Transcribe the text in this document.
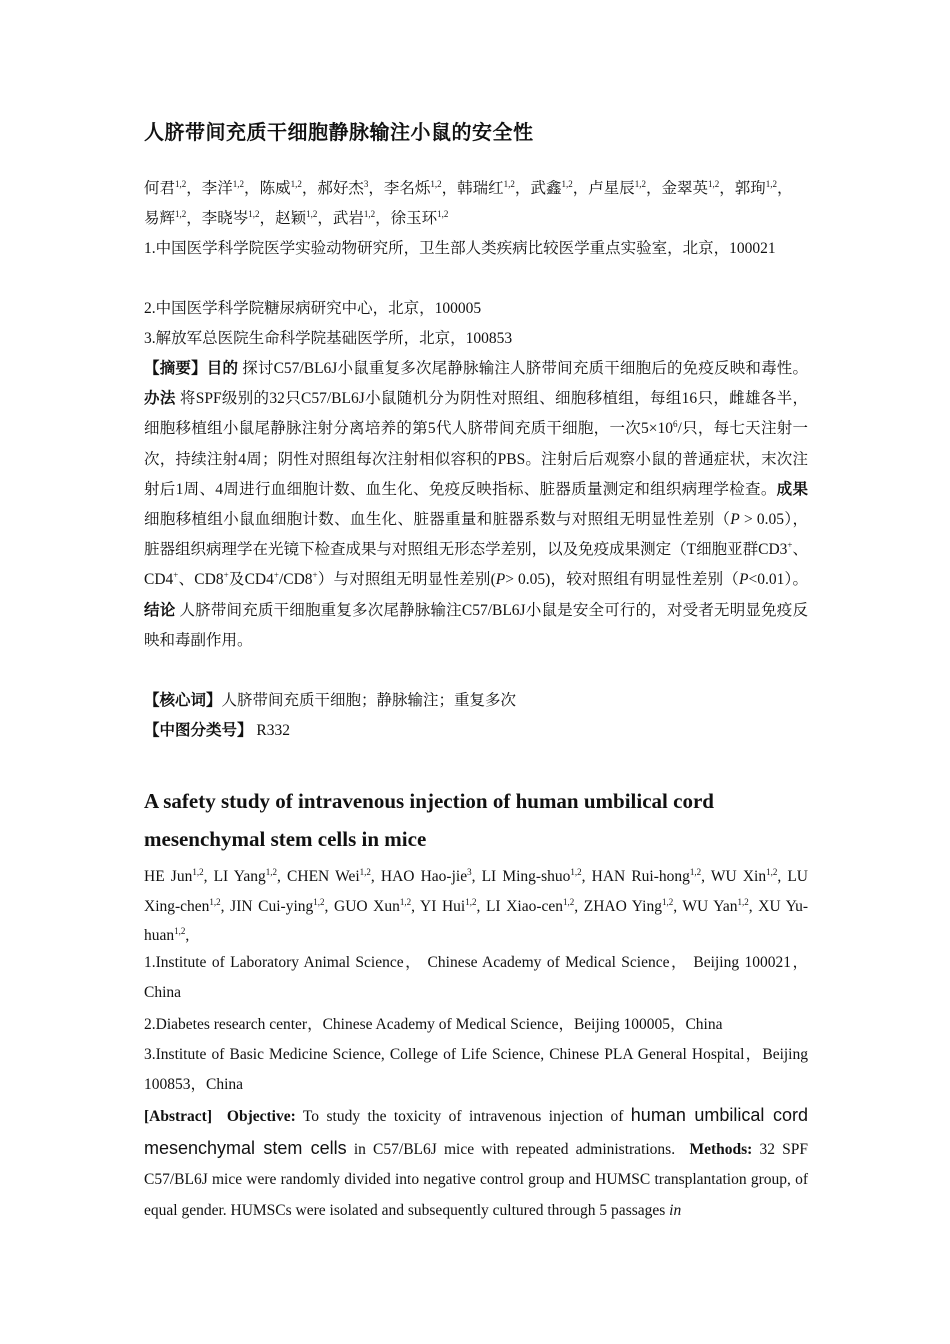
人脐带间充质干细胞静脉输注小鼠的安全性
何君$^{1,2}$，李洋$^{1,2}$，陈威$^{1,2}$，郝好杰$^3$，李名烁$^{1,2}$，韩瑞红$^{1,2}$，武鑫$^{1,2}$，卢星辰$^{1,2}$，金翠英$^{1,2}$，郭珣$^{1,2}$，易辉$^{1,2}$，李晓岑$^{1,2}$，赵颖$^{1,2}$，武岩$^{1,2}$，徐玉环$^{1,2}$
1.中国医学科学院医学实验动物研究所，卫生部人类疾病比较医学重点实验室，北京，100021
2.中国医学科学院糖尿病研究中心，北京，100005
3.解放军总医院生命科学院基础医学所，北京，100853
【摘要】目的 探讨C57/BL6J小鼠重复多次尾静脉输注人脐带间充质干细胞后的免疫反映和毒性。办法 将SPF级别的32只C57/BL6J小鼠随机分为阴性对照组、细胞移植组，每组16只，雌雄各半，细胞移植组小鼠尾静脉注射分离培养的第5代人脐带间充质干细胞，一次$5\times 10^6/$只，每七天注射一次，持续注射4周；阴性对照组每次注射相似容积的PBS。注射后后观察小鼠的普通症状，末次注射后1周、4周进行血细胞计数、血生化、免疫反映指标、脏器质量测定和组织病理学检查。成果 细胞移植组小鼠血细胞计数、血生化、脏器重量和脏器系数与对照组无明显性差别（P > 0.05），脏器组织病理学在光镜下检查成果与对照组无形态学差别，以及免疫成果测定（T细胞亚群CD3+、CD4+、CD8+及CD4+/CD8+）与对照组无明显性差别(P> 0.05)，较对照组有明显性差别（P<0.01）。 结论 人脐带间充质干细胞重复多次尾静脉输注C57/BL6J小鼠是安全可行的，对受者无明显免疫反映和毒副作用。
【核心词】人脐带间充质干细胞；静脉输注；重复多次
【中图分类号】 R332
A safety study of intravenous injection of human umbilical cord mesenchymal stem cells in mice
HE Jun$^{1,2}$, LI Yang$^{1,2}$, CHEN Wei$^{1,2}$, HAO Hao-jie$^3$, LI Ming-shuo$^{1,2}$, HAN Rui-hong$^{1,2}$, WU Xin$^{1,2}$, LU Xing-chen$^{1,2}$, JIN Cui-ying$^{1,2}$, GUO Xun$^{1,2}$, YI Hui$^{1,2}$, LI Xiao-cen$^{1,2}$, ZHAO Ying$^{1,2}$, WU Yan$^{1,2}$, XU Yu-huan$^{1,2}$,
1.Institute of Laboratory Animal Science， Chinese Academy of Medical Science， Beijing 100021，China
2.Diabetes research center，Chinese Academy of Medical Science，Beijing 100005，China
3.Institute of Basic Medicine Science, College of Life Science, Chinese PLA General Hospital，Beijing 100853，China
[Abstract] Objective: To study the toxicity of intravenous injection of human umbilical cord mesenchymal stem cells in C57/BL6J mice with repeated administrations. Methods: 32 SPF C57/BL6J mice were randomly divided into negative control group and HUMSC transplantation group, of equal gender. HUMSCs were isolated and subsequently cultured through 5 passages in
